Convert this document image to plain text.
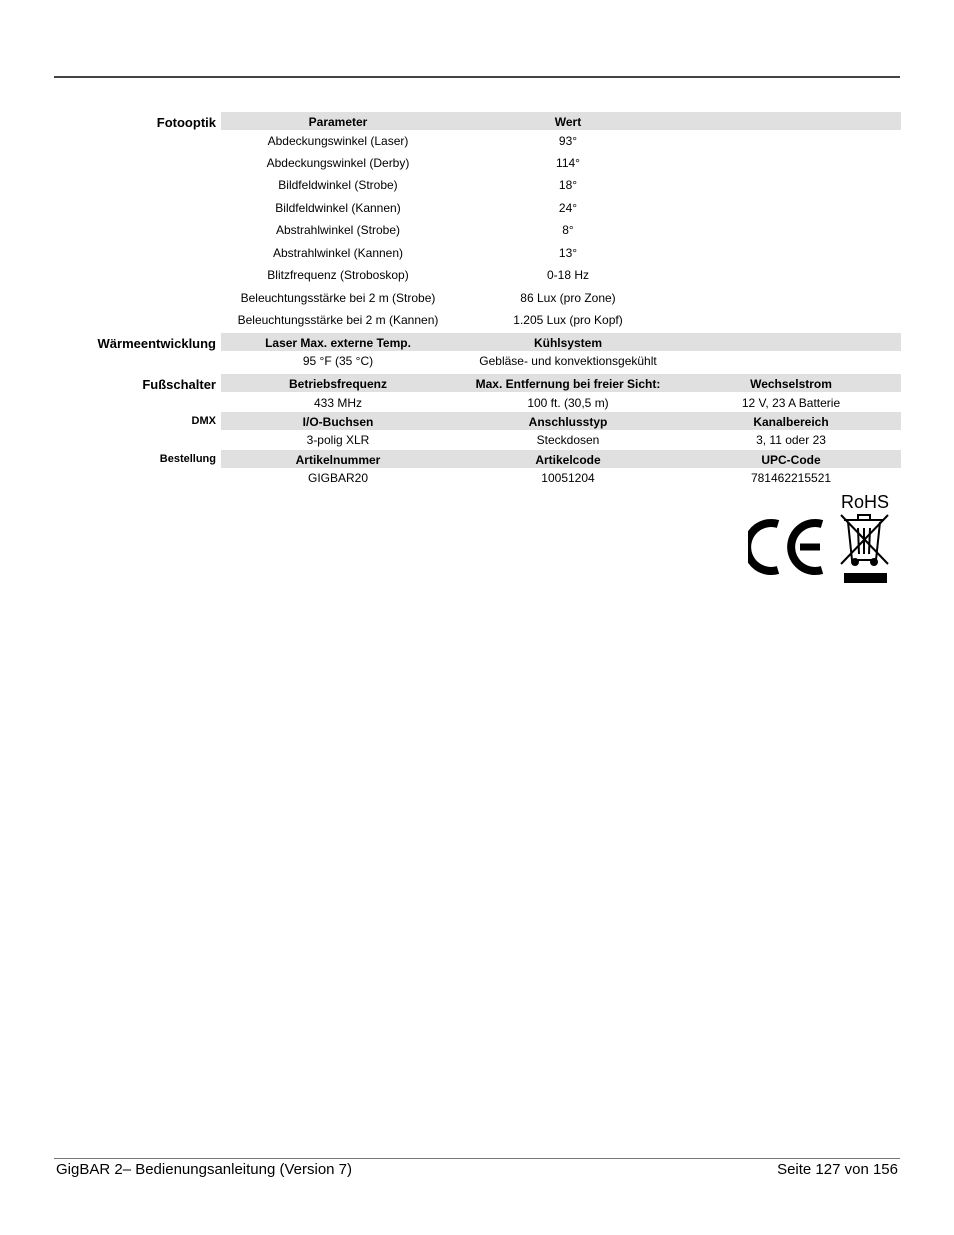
Fotooptik	Parameter	Wert
Abdeckungswinkel (Laser)	93°
Abdeckungswinkel (Derby)	114°
Bildfeldwinkel (Strobe)	18°
Bildfeldwinkel (Kannen)	24°
Abstrahlwinkel (Strobe)	8°
Abstrahlwinkel (Kannen)	13°
Blitzfrequenz (Stroboskop)	0-18 Hz
Beleuchtungsstärke bei 2 m (Strobe)	86 Lux (pro Zone)
Beleuchtungsstärke bei 2 m (Kannen)	1.205 Lux (pro Kopf)
Wärmeentwicklung	Laser Max. externe Temp.	Kühlsystem
95 °F (35 °C)	Gebläse- und konvektionsgekühlt
Fußschalter	Betriebsfrequenz	Max. Entfernung bei freier Sicht:	Wechselstrom
433 MHz	100 ft. (30,5 m)	12 V, 23 A Batterie
DMX	I/O-Buchsen	Anschlusstyp	Kanalbereich
3-polig XLR	Steckdosen	3, 11 oder 23
Bestellung	Artikelnummer	Artikelcode	UPC-Code
GIGBAR20	10051204	781462215521
RoHS
GigBAR 2– Bedienungsanleitung (Version 7)	Seite 127 von 156
